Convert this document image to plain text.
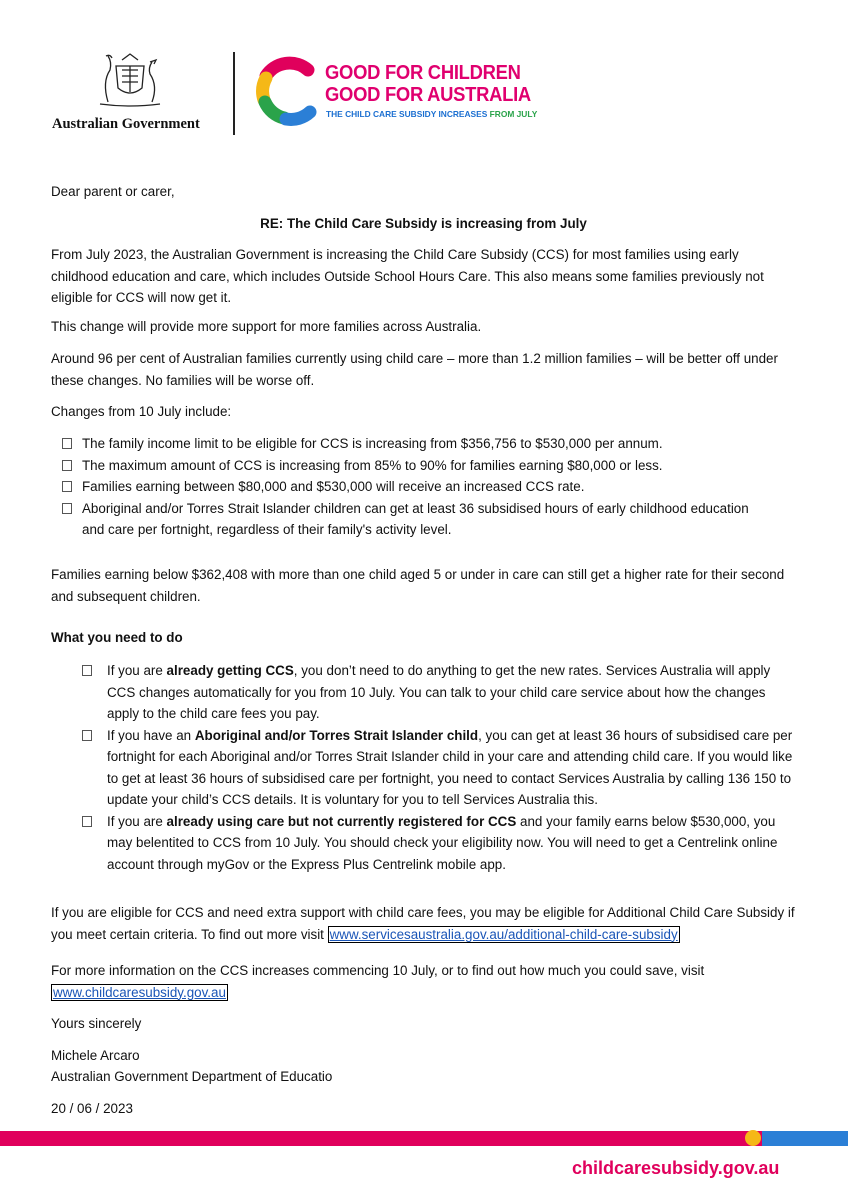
Australian Government
GOOD FOR CHILDREN
GOOD FOR AUSTRALIA
THE CHILD CARE SUBSIDY INCREASES FROM JULY

Dear parent or carer,

RE: The Child Care Subsidy is increasing from July

From July 2023, the Australian Government is increasing the Child Care Subsidy (CCS) for most families using early childhood education and care, which includes Outside School Hours Care. This also means some families previously not eligible for CCS will now get it.

This change will provide more support for more families across Australia.

Around 96 per cent of Australian families currently using child care – more than 1.2 million families – will be better off under these changes. No families will be worse off.

Changes from 10 July include:

The family income limit to be eligible for CCS is increasing from $356,756 to $530,000 per annum.
The maximum amount of CCS is increasing from 85% to 90% for families earning $80,000 or less.
Families earning between $80,000 and $530,000 will receive an increased CCS rate.
Aboriginal and/or Torres Strait Islander children can get at least 36 subsidised hours of early childhood education and care per fortnight, regardless of their family's activity level.

Families earning below $362,408 with more than one child aged 5 or under in care can still get a higher rate for their second and subsequent children.

What you need to do

If you are already getting CCS, you don’t need to do anything to get the new rates. Services Australia will apply CCS changes automatically for you from 10 July. You can talk to your child care service about how the changes apply to the child care fees you pay.
If you have an Aboriginal and/or Torres Strait Islander child, you can get at least 36 hours of subsidised care per fortnight for each Aboriginal and/or Torres Strait Islander child in your care and attending child care. If you would like to get at least 36 hours of subsidised care per fortnight, you need to contact Services Australia by calling 136 150 to update your child’s CCS details. It is voluntary for you to tell Services Australia this.
If you are already using care but not currently registered for CCS and your family earns below $530,000, you may belentited to CCS from 10 July. You should check your eligibility now. You will need to get a Centrelink online account through myGov or the Express Plus Centrelink mobile app.

If you are eligible for CCS and need extra support with child care fees, you may be eligible for Additional Child Care Subsidy if you meet certain criteria. To find out more visit www.servicesaustralia.gov.au/additional-child-care-subsidy

For more information on the CCS increases commencing 10 July, or to find out how much you could save, visit www.childcaresubsidy.gov.au

Yours sincerely

Michele Arcaro

Australian Government Department of Educatio

20 / 06 / 2023

childcaresubsidy.gov.au
